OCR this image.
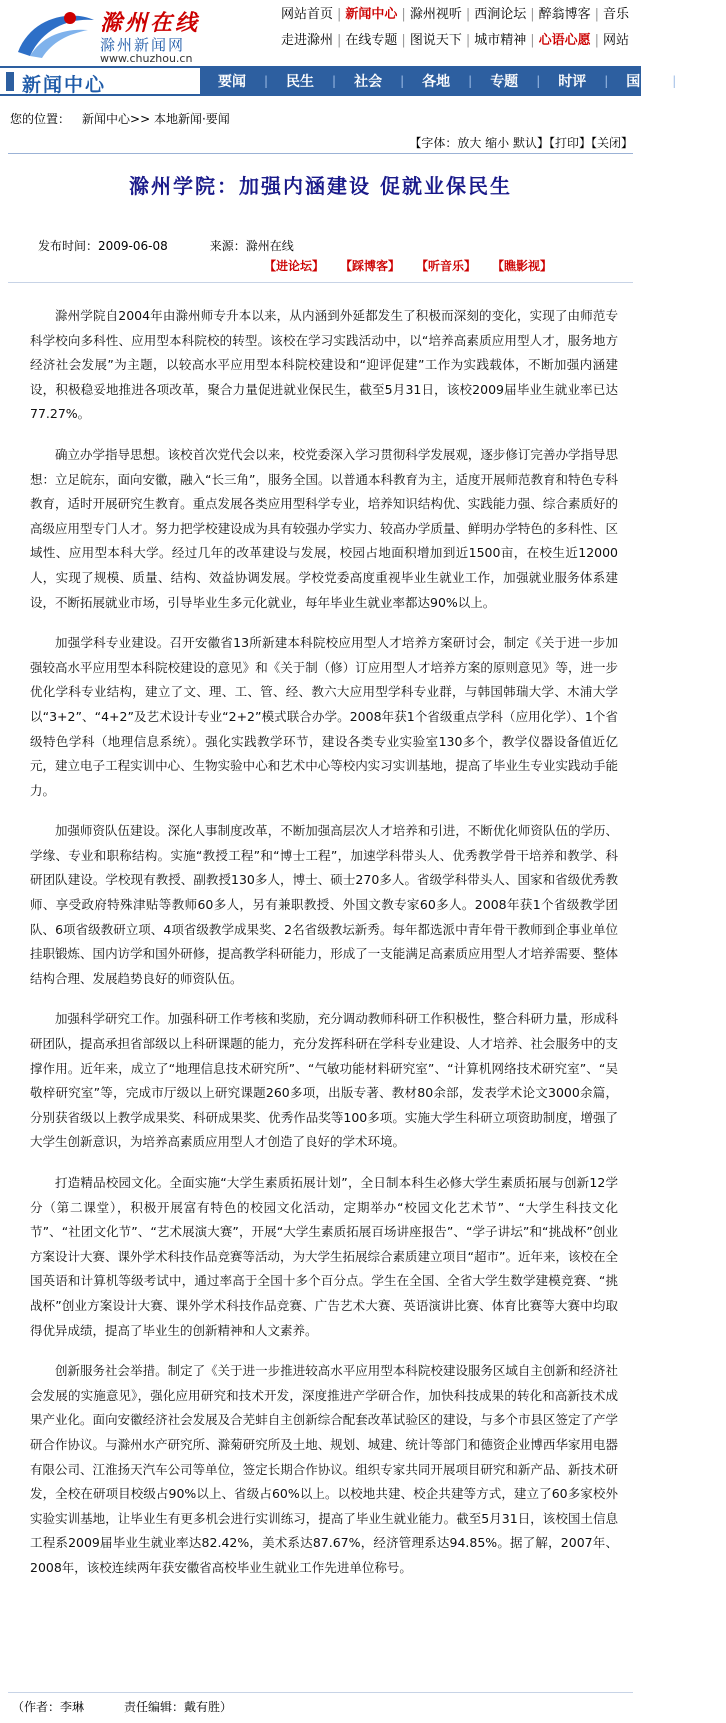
滁州在线
滁州新闻网
www.chuzhou.cn
网站首页 | 新闻中心 | 滁州视听 | 西涧论坛 | 醉翁博客 | 音乐
走进滁州 | 在线专题 | 图说天下 | 城市精神 | 心语心愿 | 网站
新闻中心	要闻	|	民生	|	社会	|	各地	|	专题	|	时评	|	国内	|	国
您的位置： 新闻中心>> 本地新闻·要闻
【字体：放大 缩小 默认】【打印】【关闭】
滁州学院：加强内涵建设 促就业保民生
发布时间：2009-06-08	来源：滁州在线
【进论坛】 【踩博客】 【听音乐】 【瞧影视】

滁州学院自2004年由滁州师专升本以来，从内涵到外延都发生了积极而深刻的变化，实现了由师范专科学校向多科性、应用型本科院校的转型。该校在学习实践活动中，以“培养高素质应用型人才，服务地方经济社会发展”为主题，以较高水平应用型本科院校建设和“迎评促建”工作为实践载体，不断加强内涵建设，积极稳妥地推进各项改革，聚合力量促进就业保民生，截至5月31日，该校2009届毕业生就业率已达77.27%。

确立办学指导思想。该校首次党代会以来，校党委深入学习贯彻科学发展观，逐步修订完善办学指导思想：立足皖东，面向安徽，融入“长三角”，服务全国。以普通本科教育为主，适度开展师范教育和特色专科教育，适时开展研究生教育。重点发展各类应用型科学专业，培养知识结构优、实践能力强、综合素质好的高级应用型专门人才。努力把学校建设成为具有较强办学实力、较高办学质量、鲜明办学特色的多科性、区域性、应用型本科大学。经过几年的改革建设与发展，校园占地面积增加到近1500亩，在校生近12000人，实现了规模、质量、结构、效益协调发展。学校党委高度重视毕业生就业工作，加强就业服务体系建设，不断拓展就业市场，引导毕业生多元化就业，每年毕业生就业率都达90%以上。

加强学科专业建设。召开安徽省13所新建本科院校应用型人才培养方案研讨会，制定《关于进一步加强较高水平应用型本科院校建设的意见》和《关于制（修）订应用型人才培养方案的原则意见》等，进一步优化学科专业结构，建立了文、理、工、管、经、教六大应用型学科专业群，与韩国韩瑞大学、木浦大学以“3+2”、“4+2”及艺术设计专业“2+2”模式联合办学。2008年获1个省级重点学科（应用化学）、1个省级特色学科（地理信息系统）。强化实践教学环节，建设各类专业实验室130多个，教学仪器设备值近亿元，建立电子工程实训中心、生物实验中心和艺术中心等校内实习实训基地，提高了毕业生专业实践动手能力。

加强师资队伍建设。深化人事制度改革，不断加强高层次人才培养和引进，不断优化师资队伍的学历、学缘、专业和职称结构。实施“教授工程”和“博士工程”，加速学科带头人、优秀教学骨干培养和教学、科研团队建设。学校现有教授、副教授130多人，博士、硕士270多人。省级学科带头人、国家和省级优秀教师、享受政府特殊津贴等教师60多人，另有兼职教授、外国文教专家60多人。2008年获1个省级教学团队、6项省级教研立项、4项省级教学成果奖、2名省级教坛新秀。每年都选派中青年骨干教师到企事业单位挂职锻炼、国内访学和国外研修，提高教学科研能力，形成了一支能满足高素质应用型人才培养需要、整体结构合理、发展趋势良好的师资队伍。

加强科学研究工作。加强科研工作考核和奖励，充分调动教师科研工作积极性，整合科研力量，形成科研团队，提高承担省部级以上科研课题的能力，充分发挥科研在学科专业建设、人才培养、社会服务中的支撑作用。近年来，成立了“地理信息技术研究所”、“气敏功能材料研究室”、“计算机网络技术研究室”、“吴敬梓研究室”等，完成市厅级以上研究课题260多项，出版专著、教材80余部，发表学术论文3000余篇，分别获省级以上教学成果奖、科研成果奖、优秀作品奖等100多项。实施大学生科研立项资助制度，增强了大学生创新意识，为培养高素质应用型人才创造了良好的学术环境。

打造精品校园文化。全面实施“大学生素质拓展计划”，全日制本科生必修大学生素质拓展与创新12学分（第二课堂），积极开展富有特色的校园文化活动，定期举办“校园文化艺术节”、“大学生科技文化节”、“社团文化节”、“艺术展演大赛”，开展“大学生素质拓展百场讲座报告”、“学子讲坛”和“挑战杯”创业方案设计大赛、课外学术科技作品竞赛等活动，为大学生拓展综合素质建立项目“超市”。近年来，该校在全国英语和计算机等级考试中，通过率高于全国十多个百分点。学生在全国、全省大学生数学建模竞赛、“挑战杯”创业方案设计大赛、课外学术科技作品竞赛、广告艺术大赛、英语演讲比赛、体育比赛等大赛中均取得优异成绩，提高了毕业生的创新精神和人文素养。

创新服务社会举措。制定了《关于进一步推进较高水平应用型本科院校建设服务区域自主创新和经济社会发展的实施意见》，强化应用研究和技术开发，深度推进产学研合作，加快科技成果的转化和高新技术成果产业化。面向安徽经济社会发展及合芜蚌自主创新综合配套改革试验区的建设，与多个市县区签定了产学研合作协议。与滁州水产研究所、滁菊研究所及土地、规划、城建、统计等部门和德资企业博西华家用电器有限公司、江淮扬天汽车公司等单位，签定长期合作协议。组织专家共同开展项目研究和新产品、新技术研发，全校在研项目校级占90%以上、省级占60%以上。以校地共建、校企共建等方式，建立了60多家校外实验实训基地，让毕业生有更多机会进行实训练习，提高了毕业生就业能力。截至5月31日，该校国土信息工程系2009届毕业生就业率达82.42%，美术系达87.67%，经济管理系达94.85%。据了解，2007年、2008年，该校连续两年获安徽省高校毕业生就业工作先进单位称号。

（作者：李琳	责任编辑：戴有胜）
